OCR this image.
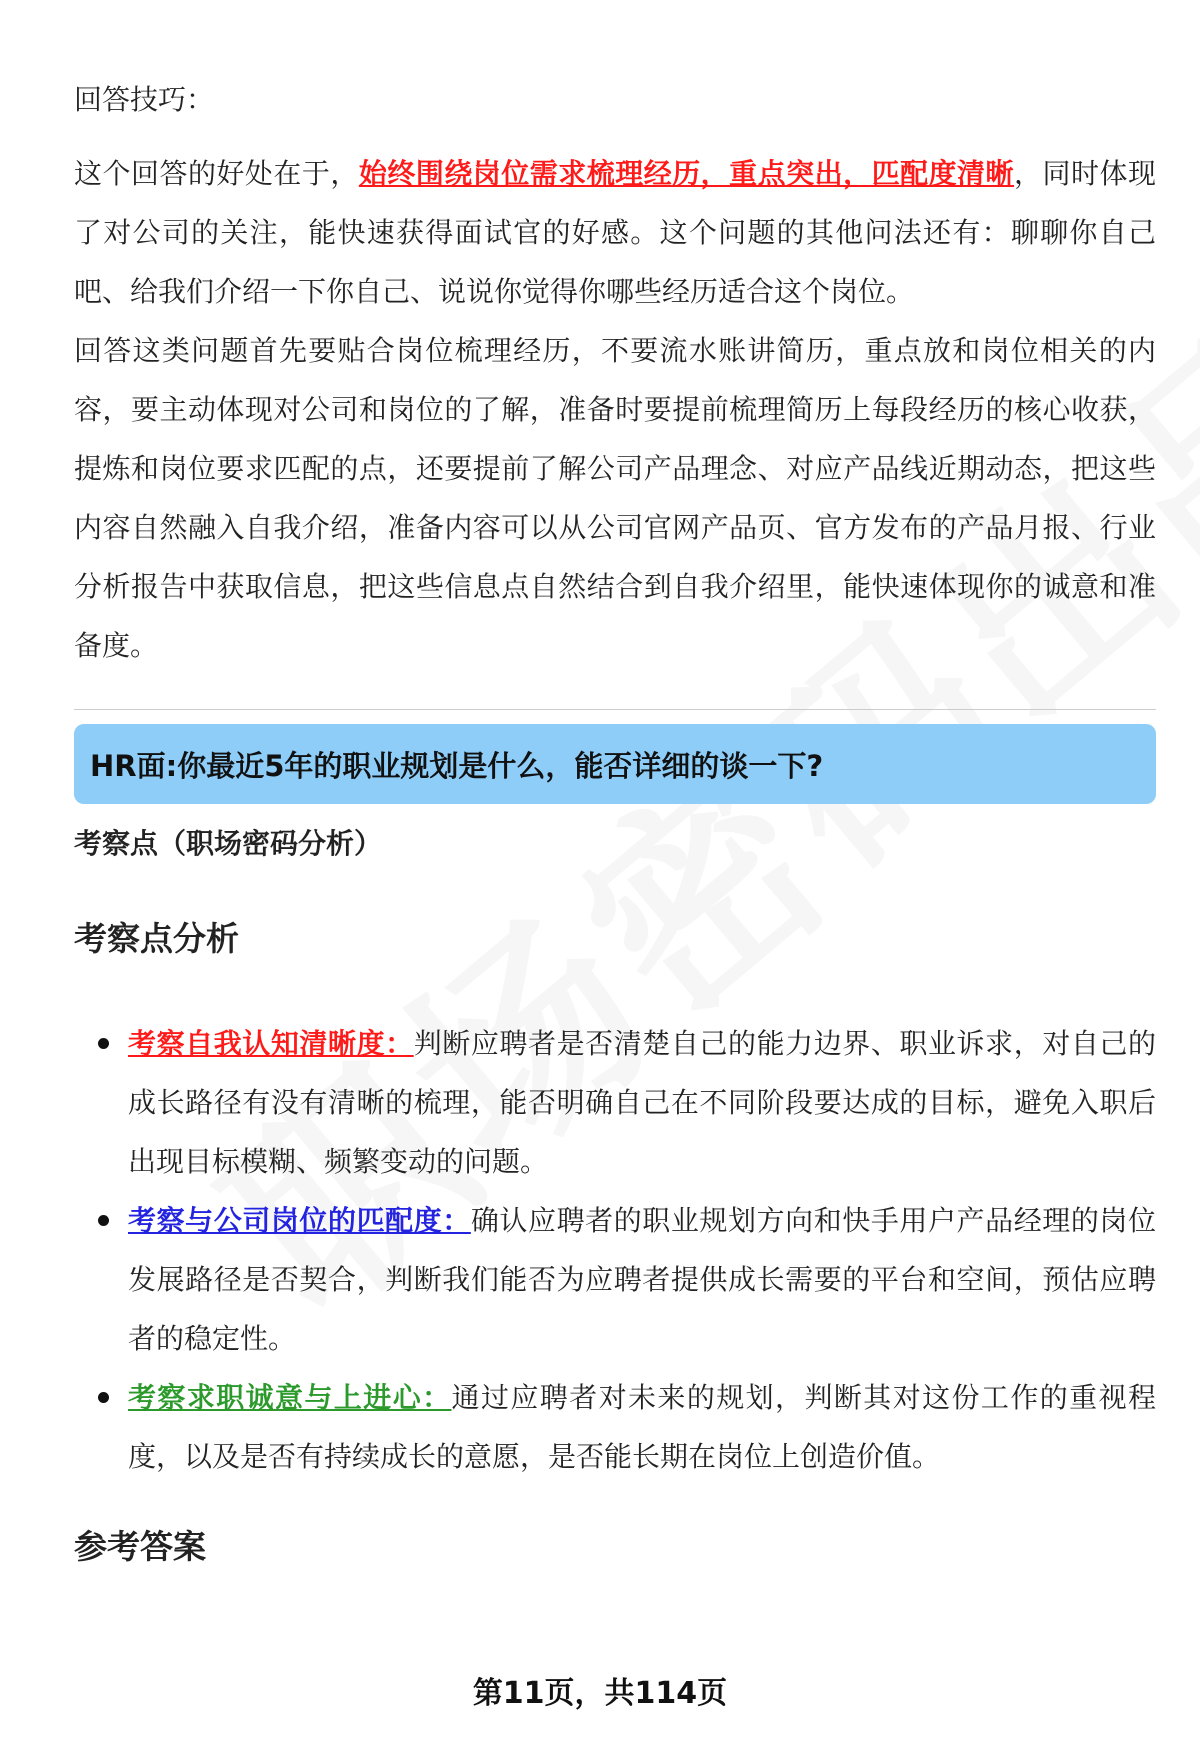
回答技巧：

这个回答的好处在于，始终围绕岗位需求梳理经历，重点突出，匹配度清晰，同时体现了对公司的关注，能快速获得面试官的好感。这个问题的其他问法还有：聊聊你自己吧、给我们介绍一下你自己、说说你觉得你哪些经历适合这个岗位。

回答这类问题首先要贴合岗位梳理经历，不要流水账讲简历，重点放和岗位相关的内容，要主动体现对公司和岗位的了解，准备时要提前梳理简历上每段经历的核心收获，提炼和岗位要求匹配的点，还要提前了解公司产品理念、对应产品线近期动态，把这些内容自然融入自我介绍，准备内容可以从公司官网产品页、官方发布的产品月报、行业分析报告中获取信息，把这些信息点自然结合到自我介绍里，能快速体现你的诚意和准备度。

HR面:你最近5年的职业规划是什么，能否详细的谈一下?
考察点（职场密码分析）
考察点分析
考察自我认知清晰度：判断应聘者是否清楚自己的能力边界、职业诉求，对自己的成长路径有没有清晰的梳理，能否明确自己在不同阶段要达成的目标，避免入职后出现目标模糊、频繁变动的问题。
考察与公司岗位的匹配度：确认应聘者的职业规划方向和快手用户产品经理的岗位发展路径是否契合，判断我们能否为应聘者提供成长需要的平台和空间，预估应聘者的稳定性。
考察求职诚意与上进心：通过应聘者对未来的规划，判断其对这份工作的重视程度，以及是否有持续成长的意愿，是否能长期在岗位上创造价值。
参考答案
第11页，共114页
